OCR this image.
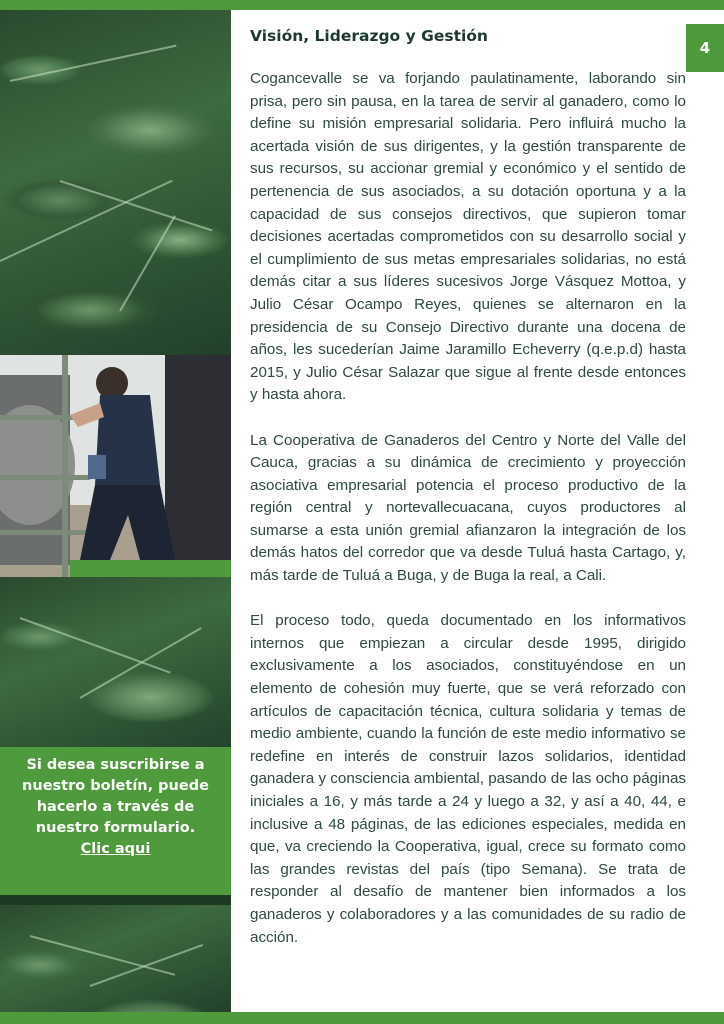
Si desea suscribirse a nuestro boletín, puede hacerlo a través de nuestro formulario.
Clic aqui
4
Visión, Liderazgo y Gestión

Cogancevalle se va forjando paulatinamente, laborando sin prisa, pero sin pausa, en la tarea de servir al ganadero, como lo define su misión empresarial solidaria. Pero influirá mucho la acertada visión de sus dirigentes, y la gestión transparente de sus recursos, su accionar gremial y económico y el sentido de pertenencia de sus asociados, a su dotación oportuna y a la capacidad de sus consejos directivos, que supieron tomar decisiones acertadas comprometidos con su desarrollo social y el cumplimiento de sus metas empresariales solidarias, no está demás citar a sus líderes sucesivos Jorge Vásquez Mottoa, y Julio César Ocampo Reyes, quienes se alternaron en la presidencia de su Consejo Directivo durante una docena de años, les sucederían Jaime Jaramillo Echeverry (q.e.p.d) hasta 2015, y Julio César Salazar que sigue al frente desde entonces y hasta ahora.

La Cooperativa de Ganaderos del Centro y Norte del Valle del Cauca, gracias a su dinámica de crecimiento y proyección asociativa empresarial potencia el proceso productivo de la región central y nortevallecuacana, cuyos productores al sumarse a esta unión gremial afianzaron la integración de los demás hatos del corredor que va desde Tuluá hasta Cartago, y, más tarde de Tuluá a Buga, y de Buga la real, a Cali.

El proceso todo, queda documentado en los informativos internos que empiezan a circular desde 1995, dirigido exclusivamente a los asociados, constituyéndose en un elemento de cohesión muy fuerte, que se verá reforzado con artículos de capacitación técnica, cultura solidaria y temas de medio ambiente, cuando la función de este medio informativo se redefine en interés de construir lazos solidarios, identidad ganadera y consciencia ambiental, pasando de las ocho páginas iniciales a 16, y más tarde a 24 y luego a 32, y así a 40, 44, e inclusive a 48 páginas, de las ediciones especiales, medida en que, va creciendo la Cooperativa, igual, crece su formato como las grandes revistas del país (tipo Semana). Se trata de responder al desafío de mantener bien informados a los ganaderos y colaboradores y a las comunidades de su radio de acción.
